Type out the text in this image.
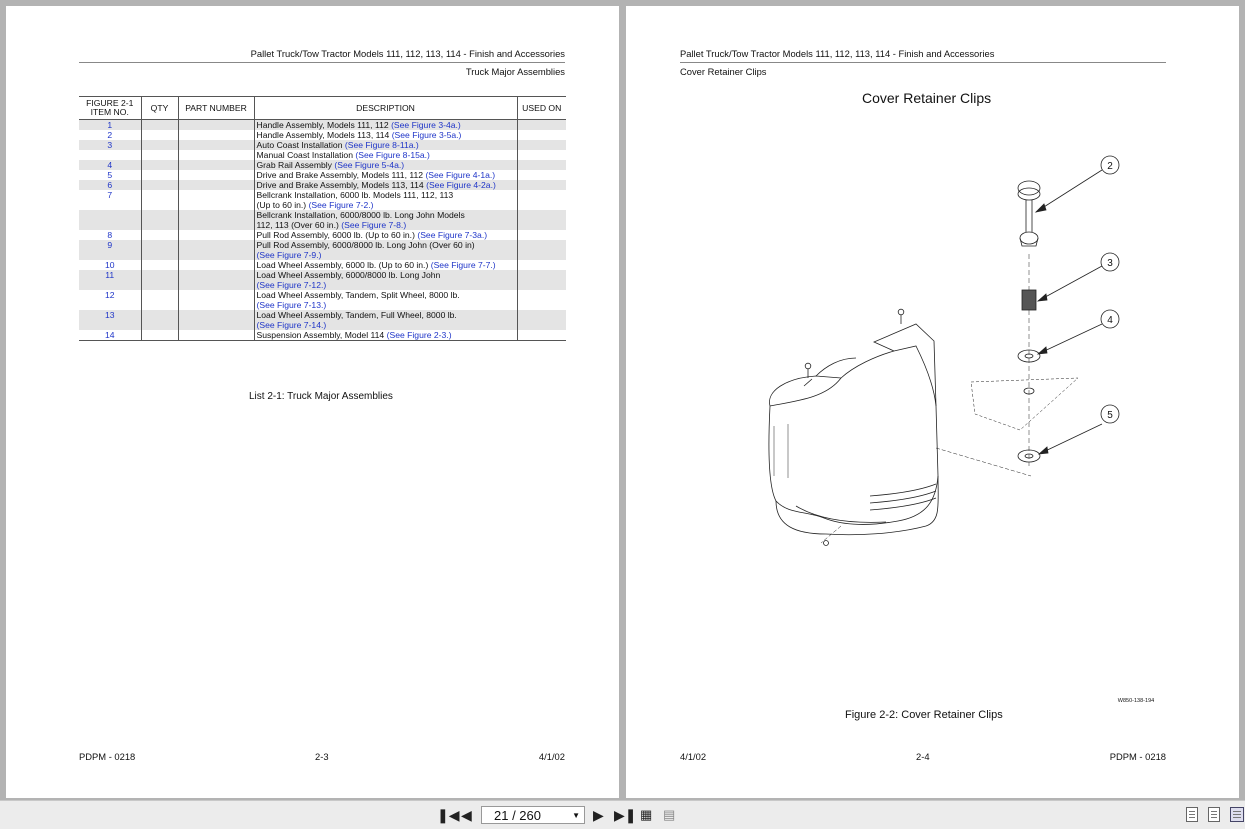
Pallet Truck/Tow Tractor Models 111, 112, 113, 114 - Finish and Accessories
Truck Major Assemblies
FIGURE 2-1 ITEM NO.	QTY	PART NUMBER	DESCRIPTION	USED ON
1			Handle Assembly, Models 111, 112 (See Figure 3-4a.)	
2			Handle Assembly, Models 113, 114 (See Figure 3-5a.)	
3			Auto Coast Installation (See Figure 8-11a.)	
			Manual Coast Installation (See Figure 8-15a.)	
4			Grab Rail Assembly (See Figure 5-4a.)	
5			Drive and Brake Assembly, Models 111, 112 (See Figure 4-1a.)	
6			Drive and Brake Assembly, Models 113, 114 (See Figure 4-2a.)	
7			Bellcrank Installation, 6000 lb. Models 111, 112, 113
(Up to 60 in.) (See Figure 7-2.)	
			Bellcrank Installation, 6000/8000 lb. Long John Models
112, 113 (Over 60 in.) (See Figure 7-8.)	
8			Pull Rod Assembly, 6000 lb. (Up to 60 in.) (See Figure 7-3a.)	
9			Pull Rod Assembly, 6000/8000 lb. Long John (Over 60 in)
(See Figure 7-9.)	
10			Load Wheel Assembly, 6000 lb. (Up to 60 in.) (See Figure 7-7.)	
11			Load Wheel Assembly, 6000/8000 lb. Long John
(See Figure 7-12.)	
12			Load Wheel Assembly, Tandem, Split Wheel, 8000 lb.
(See Figure 7-13.)	
13			Load Wheel Assembly, Tandem, Full Wheel, 8000 lb.
(See Figure 7-14.)	
14			Suspension Assembly, Model 114 (See Figure 2-3.)	
List 2-1: Truck Major Assemblies
PDPM - 0218	2-3	4/1/02
Pallet Truck/Tow Tractor Models 111, 112, 113, 114 - Finish and Accessories
Cover Retainer Clips
Cover Retainer Clips
2
3
4
5
W850-138-194
Figure 2-2: Cover Retainer Clips
4/1/02	2-4	PDPM - 0218
❚◀ ◀ 21 / 260	▼ ▶ ▶❚ ▦ ▤
